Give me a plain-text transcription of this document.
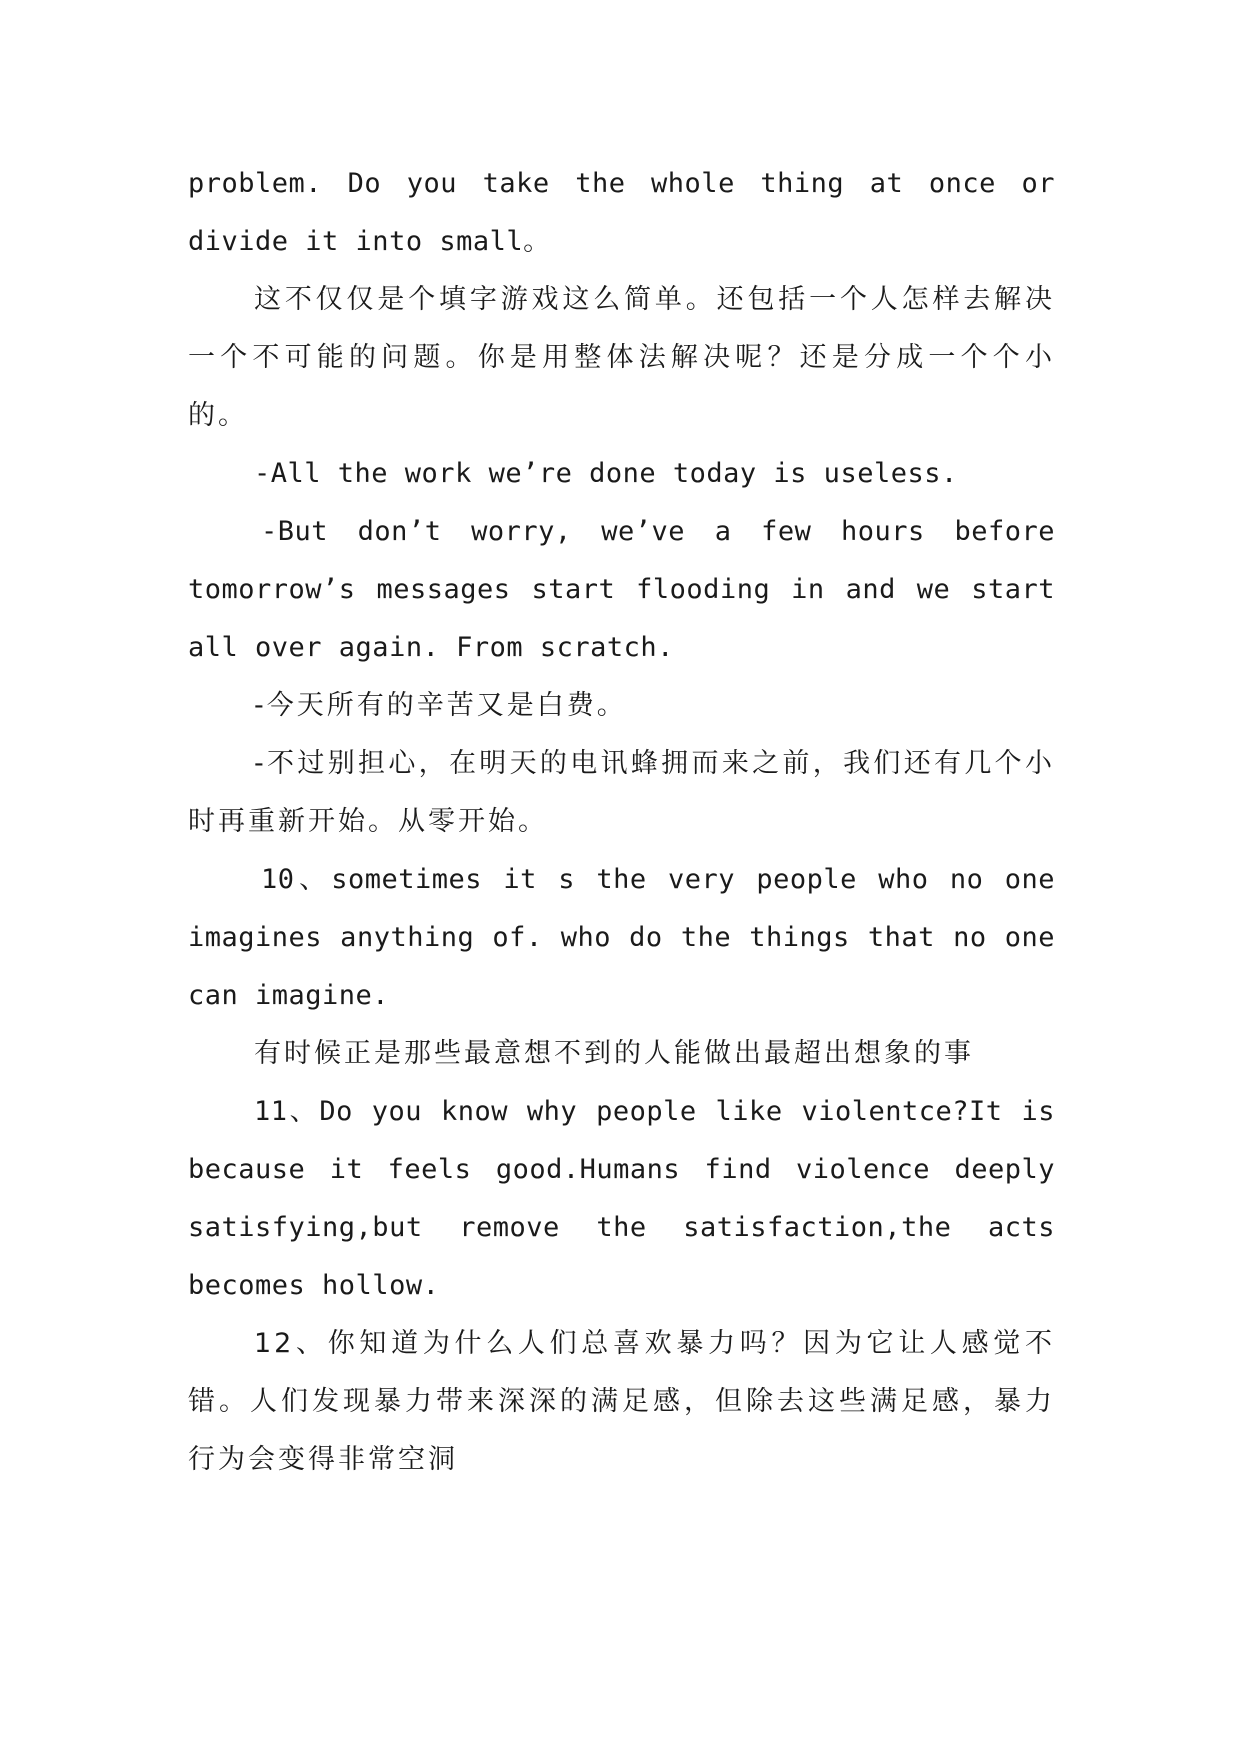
problem. Do you take the whole thing at once or divide it into small。

这不仅仅是个填字游戏这么简单。还包括一个人怎样去解决一个不可能的问题。你是用整体法解决呢？还是分成一个个小的。

-All the work we’re done today is useless.

-But don’t worry, we’ve a few hours before tomorrow’s messages start flooding in and we start all over again. From scratch.

-今天所有的辛苦又是白费。

-不过别担心，在明天的电讯蜂拥而来之前，我们还有几个小时再重新开始。从零开始。

10、sometimes it s the very people who no one imagines anything of. who do the things that no one can imagine.

有时候正是那些最意想不到的人能做出最超出想象的事

11、Do you know why people like violentce?It is because it feels good.Humans find violence deeply satisfying,but remove the satisfaction,the acts becomes hollow.

12、你知道为什么人们总喜欢暴力吗？因为它让人感觉不错。人们发现暴力带来深深的满足感，但除去这些满足感，暴力行为会变得非常空洞
